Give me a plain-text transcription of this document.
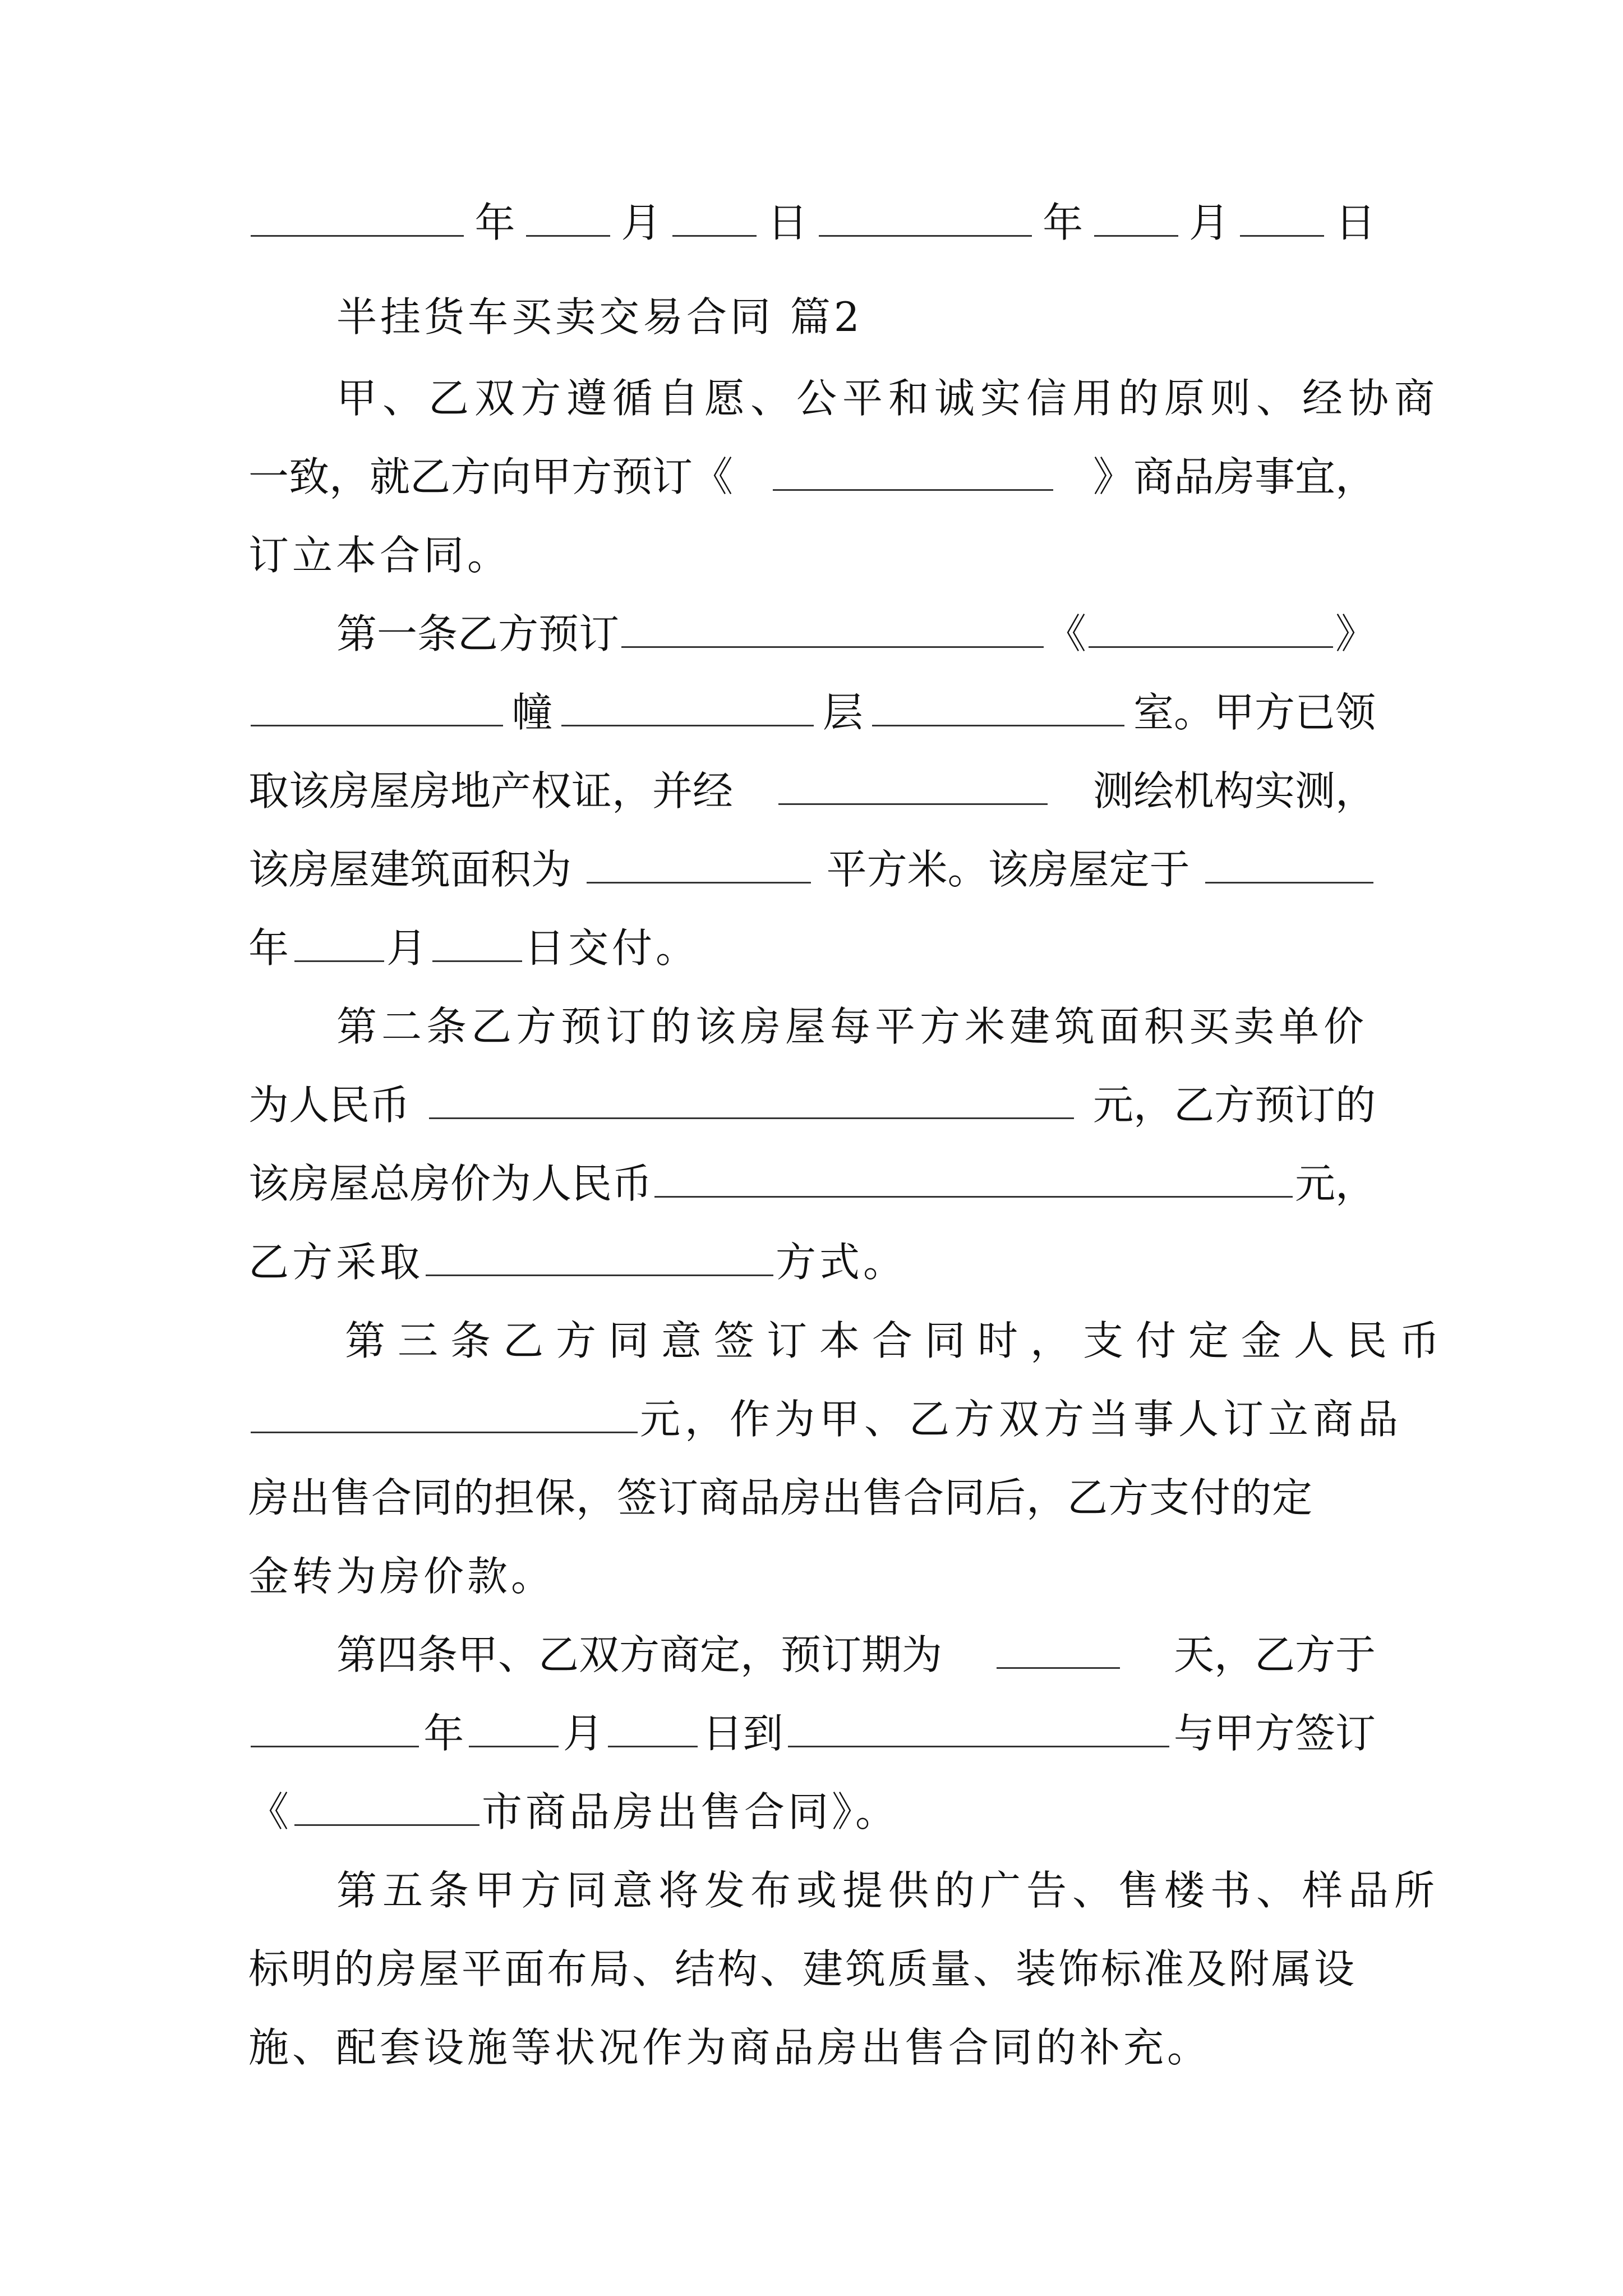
年	月	日	年	月	日
半挂货车买卖交易合同 篇2
甲、乙双方遵循自愿、公平和诚实信用的原则、经协商
一致，就乙方向甲方预订《	》商品房事宜，
订立本合同。
第一条乙方预订	《	》
幢	层	室。甲方已领
取该房屋房地产权证，并经	测绘机构实测，
该房屋建筑面积为	平方米。该房屋定于
年 月 日交付。
第二条乙方预订的该房屋每平方米建筑面积买卖单价
为人民币	元，乙方预订的
该房屋总房价为人民币	元，
乙方采取	方式。
第三条乙方同意签订本合同时，支付定金人民币
元，作为甲、乙方双方当事人订立商品
房出售合同的担保，签订商品房出售合同后，乙方支付的定
金转为房价款。
第四条甲、乙双方商定，预订期为	天，乙方于
年 月 日到	与甲方签订
《	市商品房出售合同》。
第五条甲方同意将发布或提供的广告、售楼书、样品所
标明的房屋平面布局、结构、建筑质量、装饰标准及附属设
施、配套设施等状况作为商品房出售合同的补充。
